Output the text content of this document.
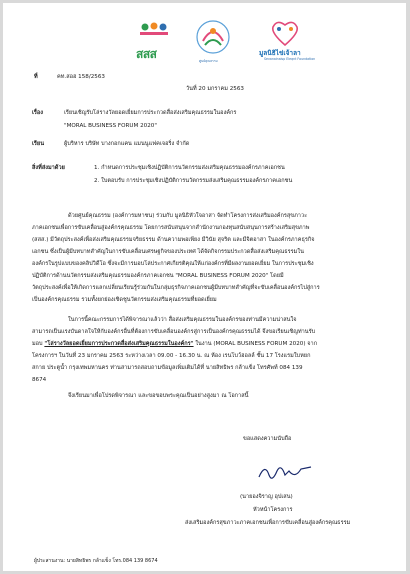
สสส	ศูนย์คุณธรรม
มูลนิธิไข่เจ้าลา
Sevanainaisp Eleqnt Foundation
ที่	คท.สอฮ 158/2563
วันที่ 20 มกราคม 2563
เรื่อง	เรียนเชิญรับโล่รางวัลยอดเยี่ยมการประกวดสื่อส่งเสริมคุณธรรมในองค์กร
"MORAL BUSINESS FORUM 2020"
เรียน	ผู้บริหาร บริษัท บางกอกแคน แมนนูแฟคเจอริ่ง จำกัด
สิ่งที่ส่งมาด้วย	1. กำหนดการประชุมเชิงปฏิบัติการนวัตกรรมส่งเสริมคุณธรรมองค์กรภาคเอกชน
2. ใบตอบรับ การประชุมเชิงปฏิบัติการนวัตกรรมส่งเสริมคุณธรรมองค์กรภาคเอกชน
ด้วยศูนย์คุณธรรม (องค์การมหาชน) ร่วมกับ มูลนิธิหัวใจอาสา จัดทำโครงการส่งเสริมองค์กรสุขภาวะ
ภาคเอกชนเพื่อการขับเคลื่อนสู่องค์กรคุณธรรม โดยการสนับสนุนจากสำนักงานกองทุนสนับสนุนการสร้างเสริมสุขภาพ
(สสส.) มีวัตถุประสงค์เพื่อส่งเสริมคุณธรรมจริยธรรม ด้านความพอเพียง มีวินัย สุจริต และมีจิตอาสา ในองค์กรภาคธุรกิจ
เอกชน ซึ่งเป็นผู้มีบทบาทสำคัญในการขับเคลื่อนเศรษฐกิจของประเทศ ได้จัดกิจกรรมประกวดสื่อส่งเสริมคุณธรรมใน
องค์กรในรูปแบบของคลิปวิดีโอ ซึ่งจะมีการมอบโล่ประกาศเกียรติคุณให้แก่องค์กรที่มีผลงานยอดเยี่ยม ในการประชุมเชิง
ปฏิบัติการด้านนวัตกรรมส่งเสริมคุณธรรมองค์กรภาคเอกชน "MORAL BUSINESS FORUM 2020" โดยมี
วัตถุประสงค์เพื่อให้เกิดการแลกเปลี่ยนเรียนรู้ร่วมกันในกลุ่มธุรกิจภาคเอกชนผู้มีบทบาทสำคัญที่จะขับเคลื่อนองค์กรไปสู่การ
เป็นองค์กรคุณธรรม รวมทั้งยกย่องเชิดชูนวัตกรรมส่งเสริมคุณธรรมที่ยอดเยี่ยม
ในการนี้คณะกรรมการได้พิจารณาแล้วว่า สื่อส่งเสริมคุณธรรมในองค์กรของท่านมีความน่าสนใจ
สามารถเป็นแรงบันดาลใจให้กับองค์กรอื่นที่ต้องการขับเคลื่อนองค์กรสู่การเป็นองค์กรคุณธรรมได้ จึงขอเรียนเชิญท่านรับ
มอบ "โล่รางวัลยอดเยี่ยมการประกวดสื่อส่งเสริมคุณธรรมในองค์กร" ในงาน (MORAL BUSINESS FORUM 2020) จาก
โครงการฯ ในวันที่ 23 มกราคม 2563 ระหว่างเวลา 09.00 - 16.30 น. ณ ห้อง เรนโบว์ฮอลล์ ชั้น 17 โรงแรมใบหยก
สกาย ประตูน้ำ กรุงเทพมหานคร ท่านสามารถสอบถามข้อมูลเพิ่มเติมได้ที่ นายสิทธิพร กล้าแข็ง โทรศัพท์ 084 139
8674
จึงเรียนมาเพื่อโปรดพิจารณา และขอขอบพระคุณเป็นอย่างสูงมา ณ โอกาสนี้
ขอแสดงความนับถือ
(นายองจิราญ อุปเสน)
หัวหน้าโครงการ
ส่งเสริมองค์กรสุขภาวะภาคเอกชนเพื่อการขับเคลื่อนสู่องค์กรคุณธรรม
ผู้ประสานงาน: นายสิทธิพร กล้าแข็ง โทร.084 139 8674
